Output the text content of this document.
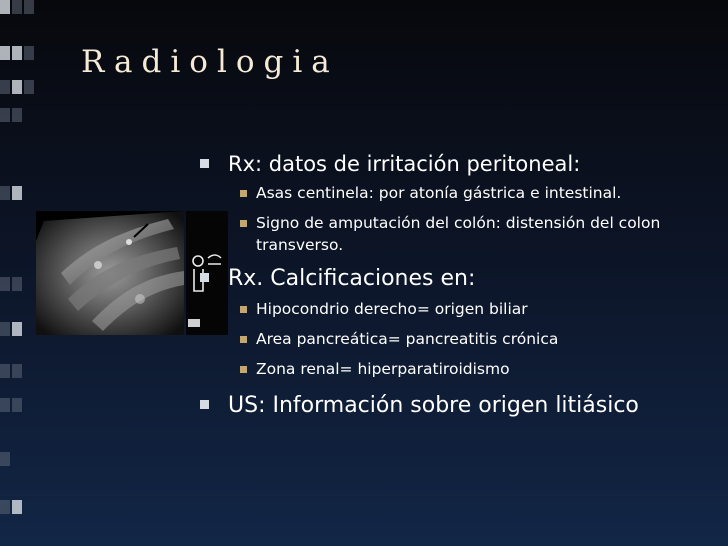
Radiologia
Rx: datos de irritación peritoneal:
Asas centinela: por atonía gástrica e intestinal.
Signo de amputación del colón: distensión del colon transverso.
Rx. Calcificaciones en:
Hipocondrio derecho= origen biliar
Area pancreática= pancreatitis crónica
Zona renal= hiperparatiroidismo
US: Información sobre origen litiásico
